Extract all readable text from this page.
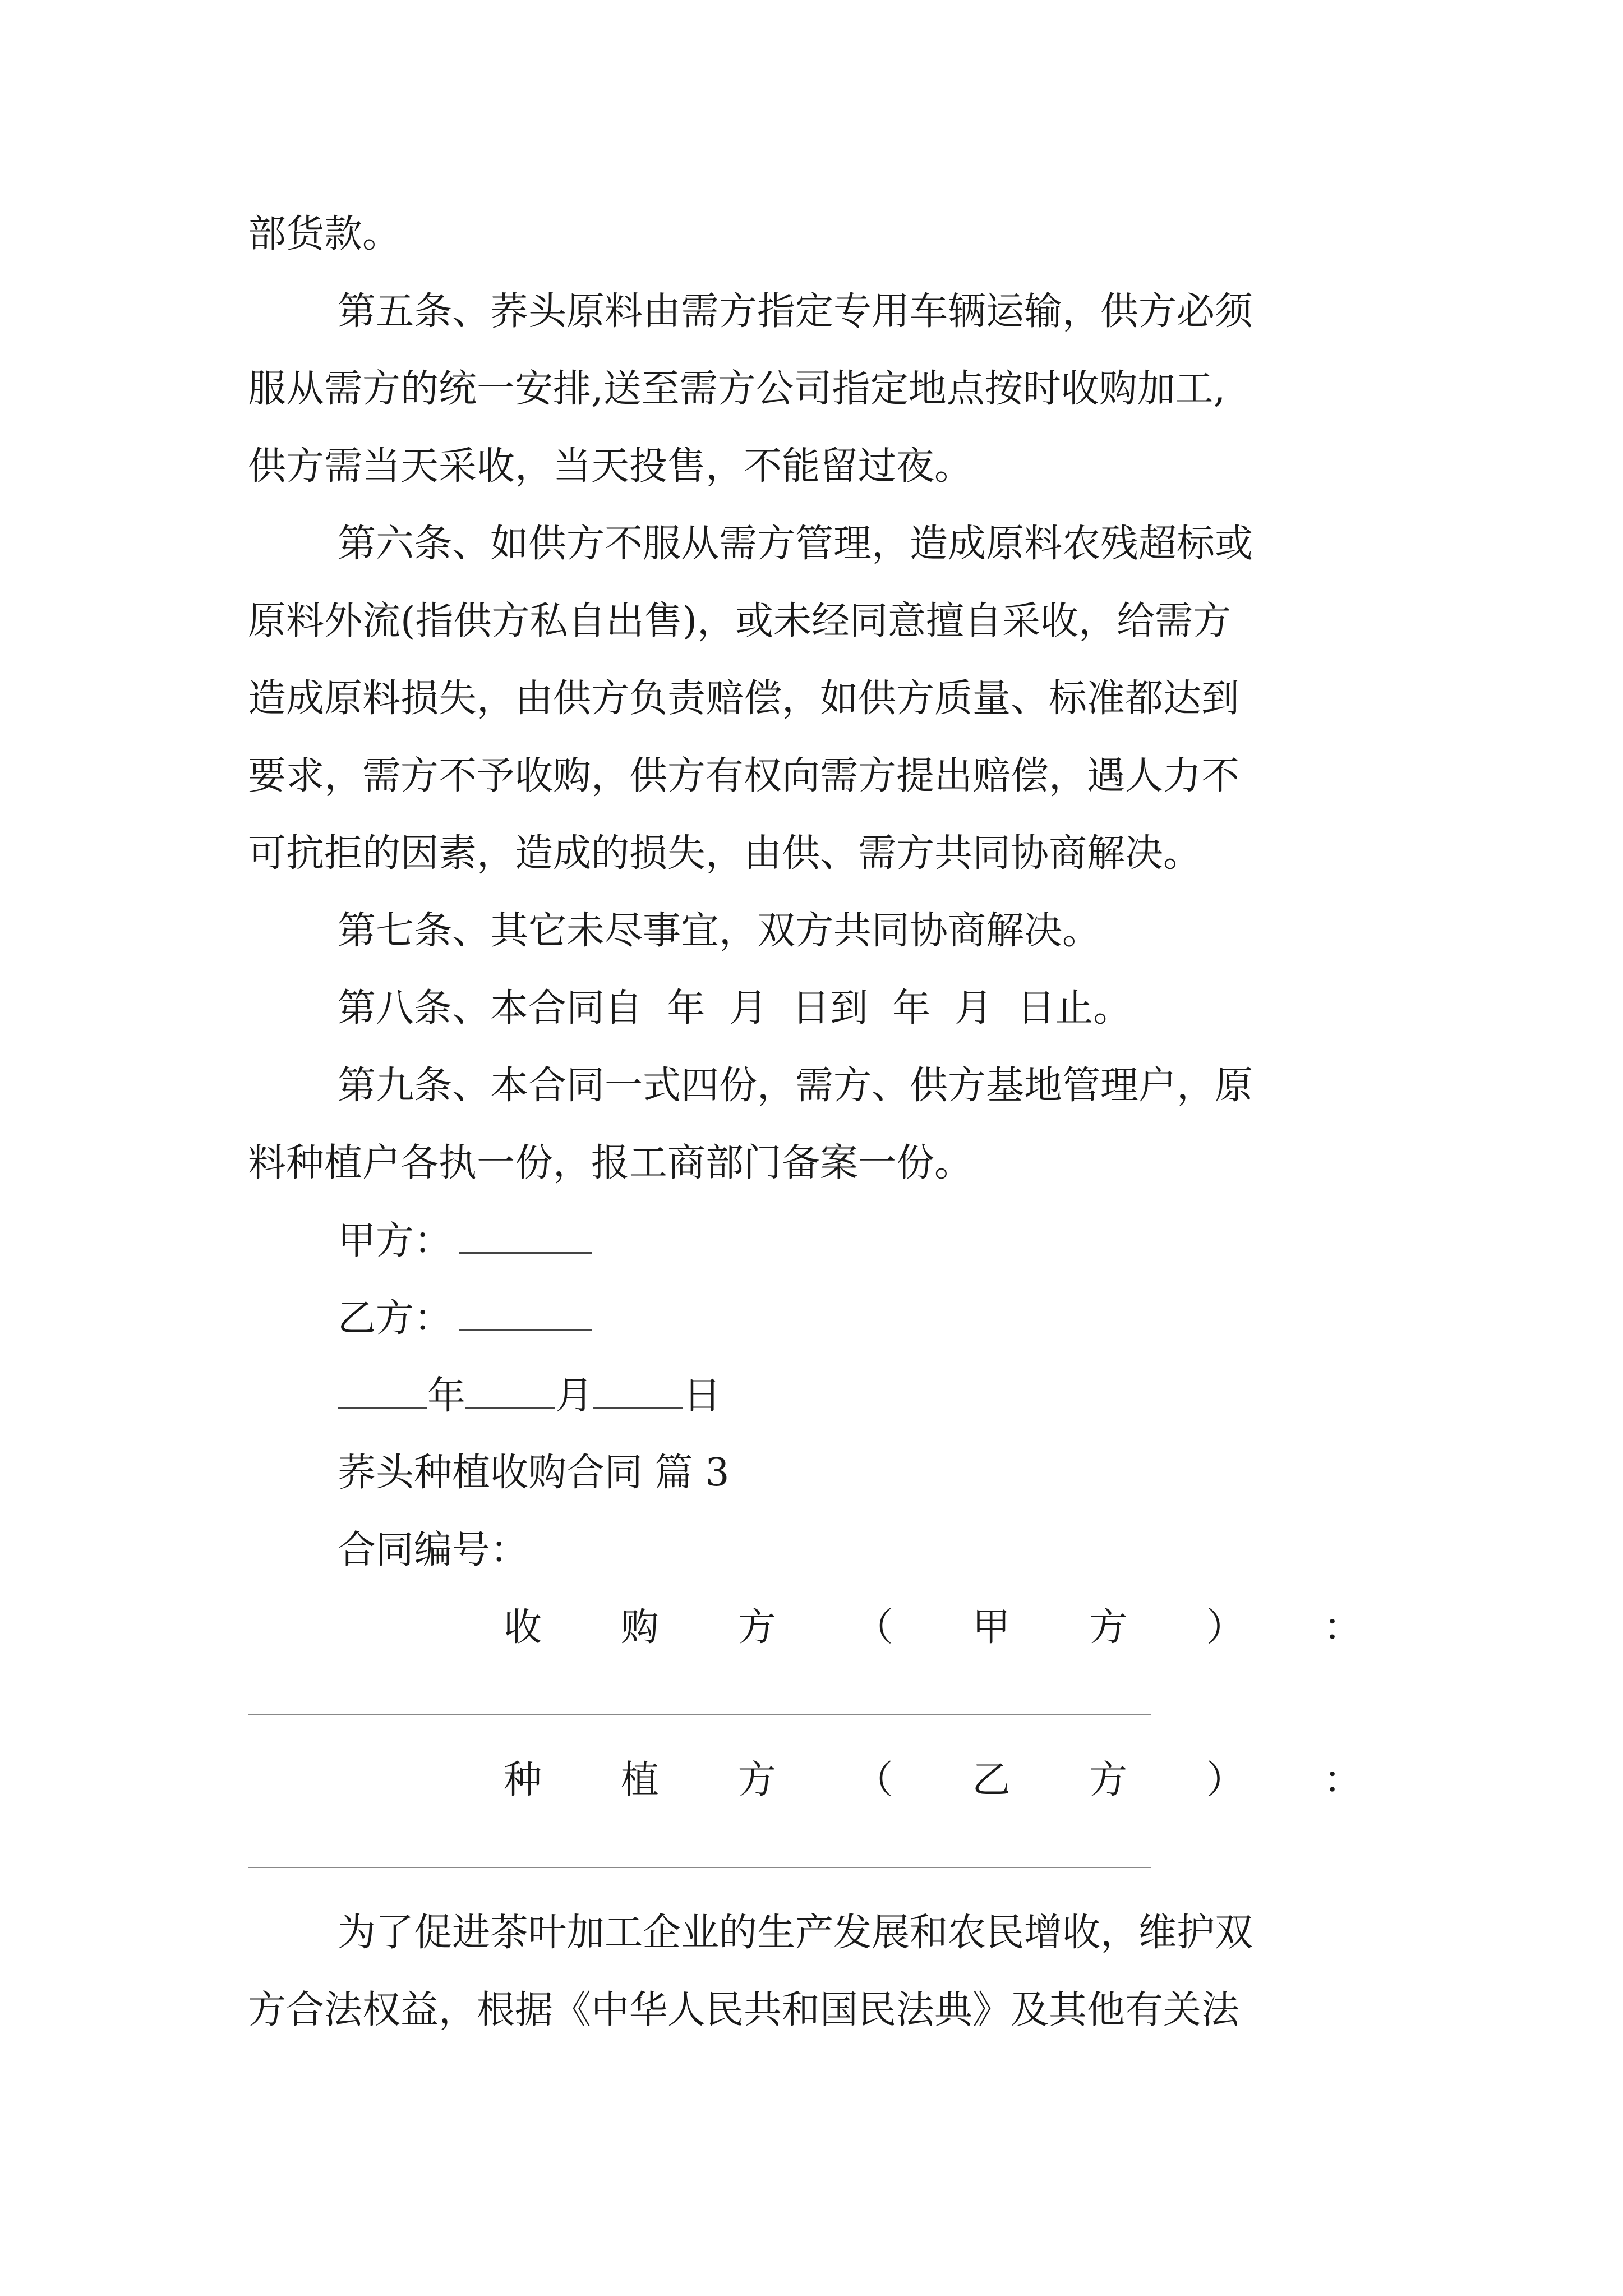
部货款。
第五条、荞头原料由需方指定专用车辆运输，供方必须
服从需方的统一安排,送至需方公司指定地点按时收购加工,
供方需当天采收，当天投售，不能留过夜。
第六条、如供方不服从需方管理，造成原料农残超标或
原料外流(指供方私自出售)，或未经同意擅自采收，给需方
造成原料损失，由供方负责赔偿，如供方质量、标准都达到
要求，需方不予收购，供方有权向需方提出赔偿，遇人力不
可抗拒的因素，造成的损失，由供、需方共同协商解决。
第七条、其它未尽事宜，双方共同协商解决。
第八条、本合同自  年  月  日到  年  月  日止。
第九条、本合同一式四份，需方、供方基地管理户，原
料种植户各执一份，报工商部门备案一份。
甲方：
乙方：
年 月 日
荞头种植收购合同 篇 3
合同编号：
收 购 方 （ 甲 方 ） ：
种 植 方 （ 乙 方 ） ：
为了促进茶叶加工企业的生产发展和农民增收，维护双
方合法权益，根据《中华人民共和国民法典》及其他有关法
